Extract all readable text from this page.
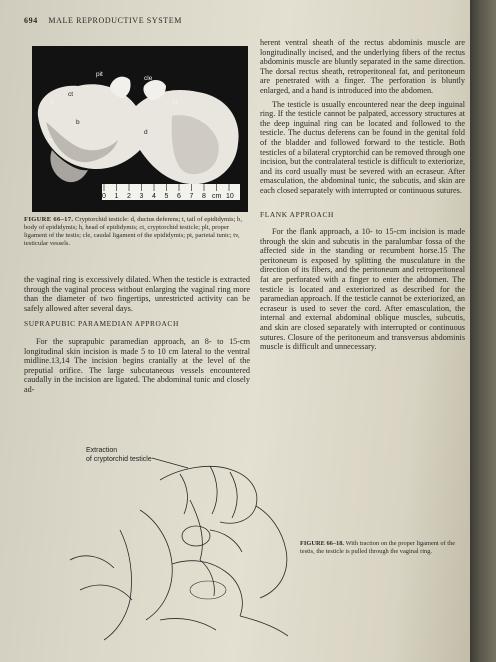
694 MALE REPRODUCTIVE SYSTEM
0 1 2 3 4 5 6 7 8 cm 10
pit
cle
pt
h
tv
t
ct
b
d
FIGURE 66–17. Cryptorchid testicle: d, ductus deferens; t, tail of epididymis; b, body of epididymis; h, head of epididymis; ct, cryptorchid testicle; plt, proper ligament of the testis; cle, caudal ligament of the epididymis; pt, parietal tunic; tv, testicular vessels.

the vaginal ring is excessively dilated. When the testicle is extracted through the vaginal process without enlarging the vaginal ring more than the diameter of two fingertips, unrestricted activity can be safely allowed after several days.

SUPRAPUBIC PARAMEDIAN APPROACH

For the suprapubic paramedian approach, an 8- to 15-cm longitudinal skin incision is made 5 to 10 cm lateral to the ventral midline.13,14 The incision begins cranially at the level of the preputial orifice. The large subcutaneous vessels encountered caudally in the incision are ligated. The abdominal tunic and closely ad-

herent ventral sheath of the rectus abdominis muscle are longitudinally incised, and the underlying fibers of the rectus abdominis muscle are bluntly separated in the same direction. The dorsal rectus sheath, retroperitoneal fat, and peritoneum are penetrated with a finger. The perforation is bluntly enlarged, and a hand is introduced into the abdomen.

The testicle is usually encountered near the deep inguinal ring. If the testicle cannot be palpated, accessory structures at the deep inguinal ring can be located and followed to the testicle. The ductus deferens can be found in the genital fold of the bladder and followed forward to the testicle. Both testicles of a bilateral cryptorchid can be removed through one incision, but the contralateral testicle is difficult to exteriorize, and its cord usually must be severed with an ecraseur. After emasculation, the abdominal tunic, the subcutis, and skin are each closed separately with interrupted or continuous sutures.

FLANK APPROACH

For the flank approach, a 10- to 15-cm incision is made through the skin and subcutis in the paralumbar fossa of the affected side in the standing or recumbent horse.15 The peritoneum is exposed by splitting the musculature in the direction of its fibers, and the peritoneum and retroperitoneal fat are perforated with a finger to enter the abdomen. The testicle is located and exteriorized as described for the paramedian approach. If the testicle cannot be exteriorized, an ecraseur is used to sever the cord. After emasculation, the internal and external abdominal oblique muscles, subcutis, and skin are closed separately with interrupted or continuous sutures. Closure of the peritoneum and transversus abdominis muscle is difficult and unnecessary.

Extraction
of cryptorchid testicle
FIGURE 66–18. With traction on the proper ligament of the testis, the testicle is pulled through the vaginal ring.
